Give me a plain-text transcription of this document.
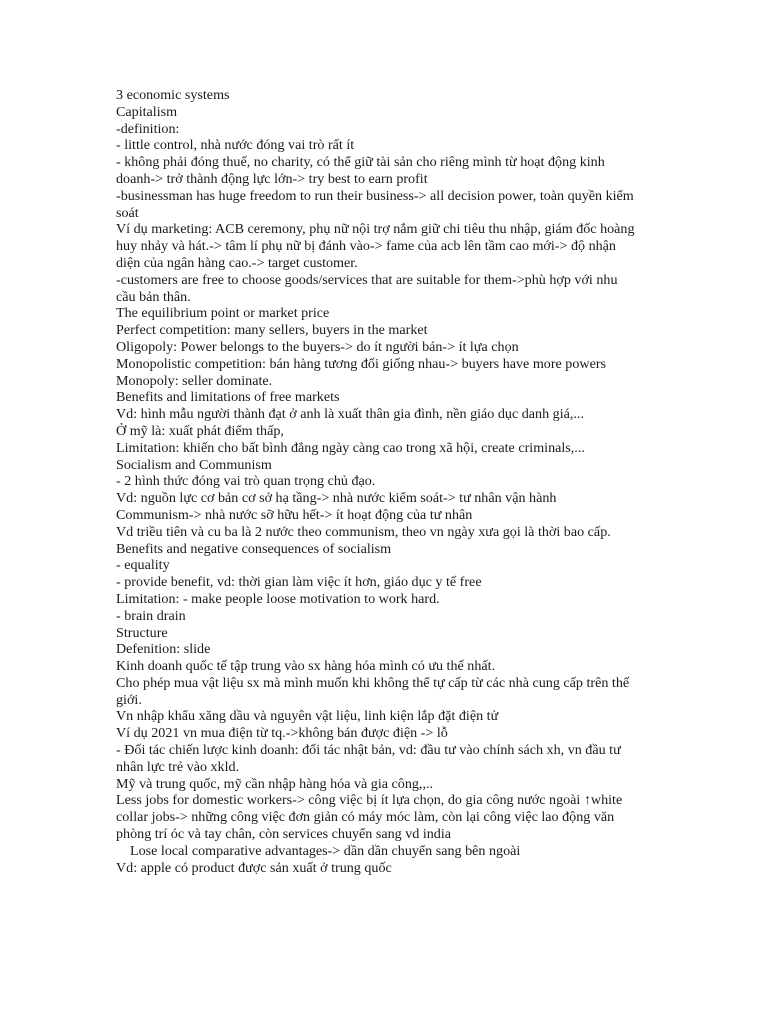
3 economic systems
Capitalism
-definition:
- little control, nhà nước đóng vai trò rất ít
- không phải đóng thuế, no charity, có thể giữ tài sản cho riêng mình từ hoạt động kinh doanh-> trở thành động lực lớn-> try best to earn profit
-businessman has huge freedom to run their business-> all decision power, toàn quyền kiểm soát
Ví dụ marketing: ACB ceremony, phụ nữ nội trợ nắm giữ chi tiêu thu nhập, giám đốc hoàng huy nhảy và hát.-> tâm lí phụ nữ bị đánh vào-> fame của acb lên tầm cao mới-> độ nhận diện của ngân hàng cao.-> target customer.
-customers are free to choose goods/services that are suitable for them->phù hợp với nhu cầu bản thân.
The equilibrium point or market price
Perfect competition: many sellers, buyers in the market
Oligopoly: Power belongs to the buyers-> do ít người bán-> ít lựa chọn
Monopolistic competition: bán hàng tương đối giống nhau-> buyers have more powers
Monopoly: seller dominate.
Benefits and limitations of free markets
Vd: hình mẫu người thành đạt ở anh là xuất thân gia đình, nền giáo dục danh giá,...
Ở mỹ là: xuất phát điểm thấp,
Limitation: khiến cho bất bình đẳng ngày càng cao trong xã hội, create criminals,...
Socialism and Communism
- 2 hình thức đóng vai trò quan trọng chủ đạo.
Vd: nguồn lực cơ bản cơ sở hạ tầng-> nhà nước kiểm soát-> tư nhân vận hành
Communism-> nhà nước sỡ hữu hết-> ít hoạt động của tư nhân
Vd triều tiên và cu ba là 2 nước theo communism, theo vn ngày xưa gọi là thời bao cấp.
Benefits and negative consequences of socialism
- equality
- provide benefit, vd: thời gian làm việc ít hơn, giáo dục y tế free
Limitation: - make people loose motivation to work hard.
- brain drain
Structure
Defenition: slide
Kinh doanh quốc tế tập trung vào sx hàng hóa mình có ưu thế nhất.
Cho phép mua vật liệu sx mà mình muốn khi không thể tự cấp từ các nhà cung cấp trên thế giới.
Vn nhập khẩu xăng dầu và nguyên vật liệu, linh kiện lắp đặt điện tử
Ví dụ 2021 vn mua điện từ tq.->không bán được điện -> lỗ
- Đối tác chiến lược kinh doanh: đối tác nhật bản, vd: đầu tư vào chính sách xh, vn đầu tư nhân lực trẻ vào xkld.
Mỹ và trung quốc, mỹ cần nhập hàng hóa và gia công,,..
Less jobs for domestic workers-> công việc bị ít lựa chọn, do gia công nước ngoài ↑white collar jobs-> những công việc đơn giản có máy móc làm, còn lại công việc lao động văn phòng trí óc và tay chân, còn services chuyển sang vd india
Lose local comparative advantages-> dần dần chuyển sang bên ngoài
Vd: apple có product được sản xuất ở trung quốc
